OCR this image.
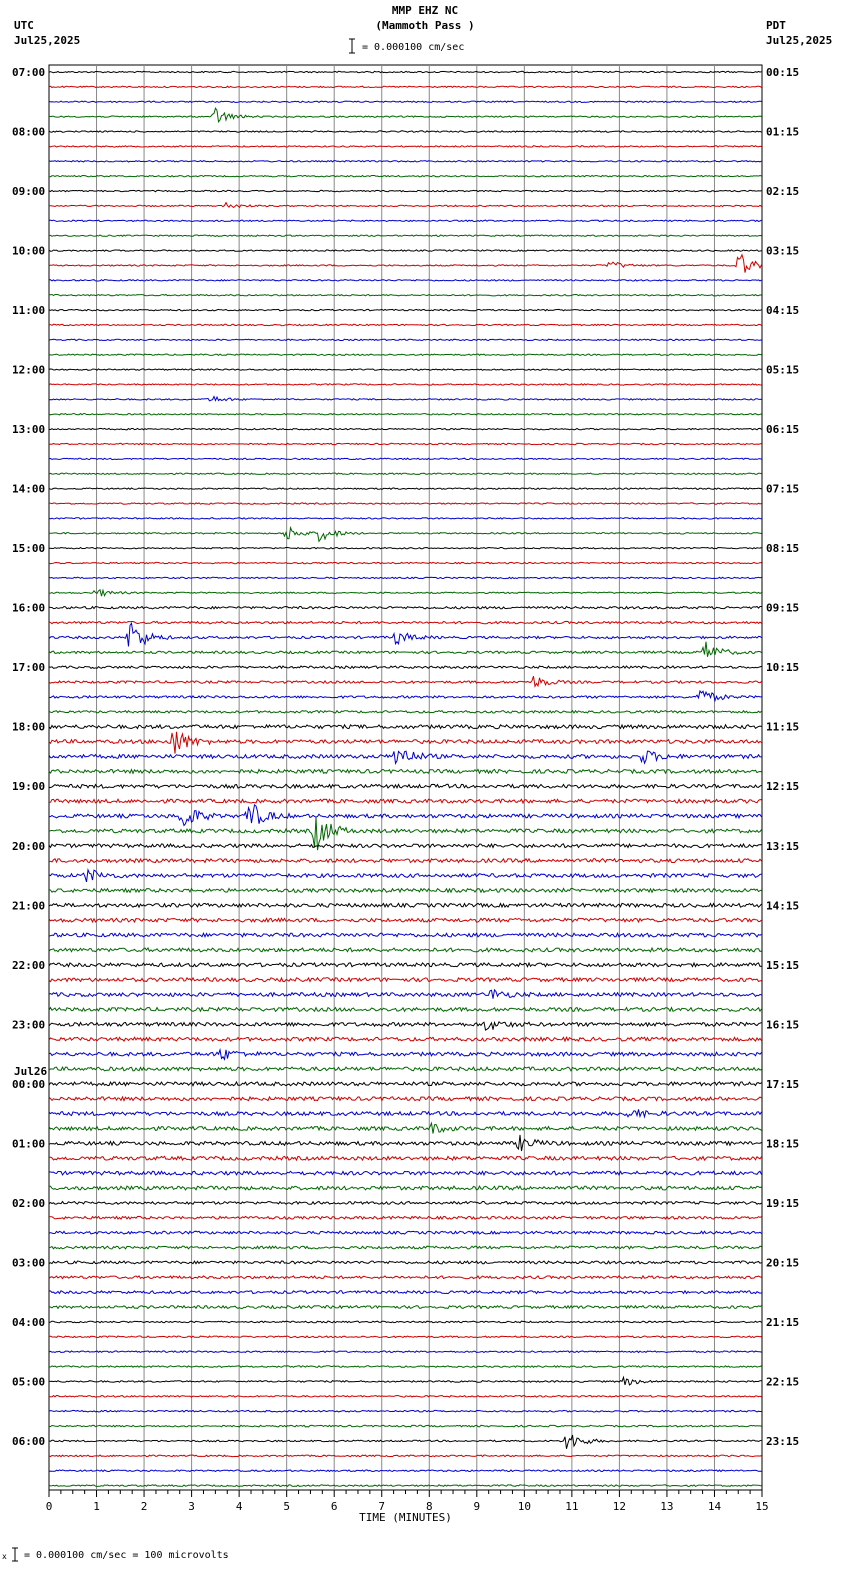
MMP EHZ NC
(Mammoth Pass )
UTC
Jul25,2025
PDT
Jul25,2025
= 0.000100 cm/sec
07:00
08:00
09:00
10:00
11:00
12:00
13:00
14:00
15:00
16:00
17:00
18:00
19:00
20:00
21:00
22:00
23:00
00:00
Jul26
01:00
02:00
03:00
04:00
05:00
06:00
00:15
01:15
02:15
03:15
04:15
05:15
06:15
07:15
08:15
09:15
10:15
11:15
12:15
13:15
14:15
15:15
16:15
17:15
18:15
19:15
20:15
21:15
22:15
23:15
0	1	2	3	4	5	6	7	8	9	10	11	12	13	14	15
TIME (MINUTES)
x = 0.000100 cm/sec = 100 microvolts
